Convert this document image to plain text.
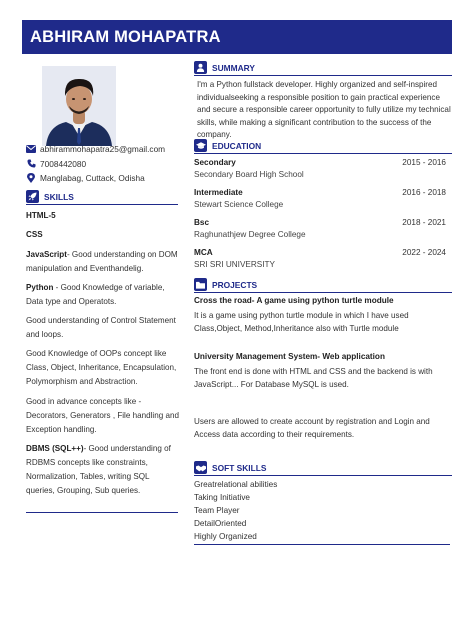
ABHIRAM MOHAPATRA
abhirammohapatra25@gmail.com
7008442080
Manglabag, Cuttack, Odisha
SKILLS
HTML-5
CSS
JavaScript- Good understanding on DOM manipulation and Eventhandelig.
Python - Good Knowledge of variable, Data type and Operatots.
Good understanding of Control Statement and loops.
Good Knowledge of OOPs concept like Class, Object, Inheritance, Encapsulation, Polymorphism and Abstraction.
Good in advance concepts like - Decorators, Generators , File handling and Exception handling.
DBMS (SQL++)- Good understanding of RDBMS concepts like constraints, Normalization, Tables, writing SQL queries, Grouping, Sub queries.
SUMMARY
I'm a Python fullstack developer. Highly organized and self-inspired individualseeking a responsible position to gain practical experience and secure a responsible career opportunity to fully utilize my technical skills, while making a significant contribution to the success of the company.
EDUCATION
Secondary	2015 - 2016
Secondary Board High School
Intermediate	2016 - 2018
Stewart Science College
Bsc	2018 - 2021
Raghunathjew Degree College
MCA	2022 - 2024
SRI SRI UNIVERSITY
PROJECTS
Cross the road- A game using python turtle module
It is a game using python turtle module in which I have used Class,Object, Method,Inheritance also with Turtle module
University Management System- Web application
The front end is done with HTML and CSS and the backend is with JavaScript... For Database MySQL is used.
Users are allowed to create account by registration and Login and Access data according to their requirements.
SOFT SKILLS
Greatrelational abilities
Taking Initiative
Team Player
DetailOriented
Highly Organized
